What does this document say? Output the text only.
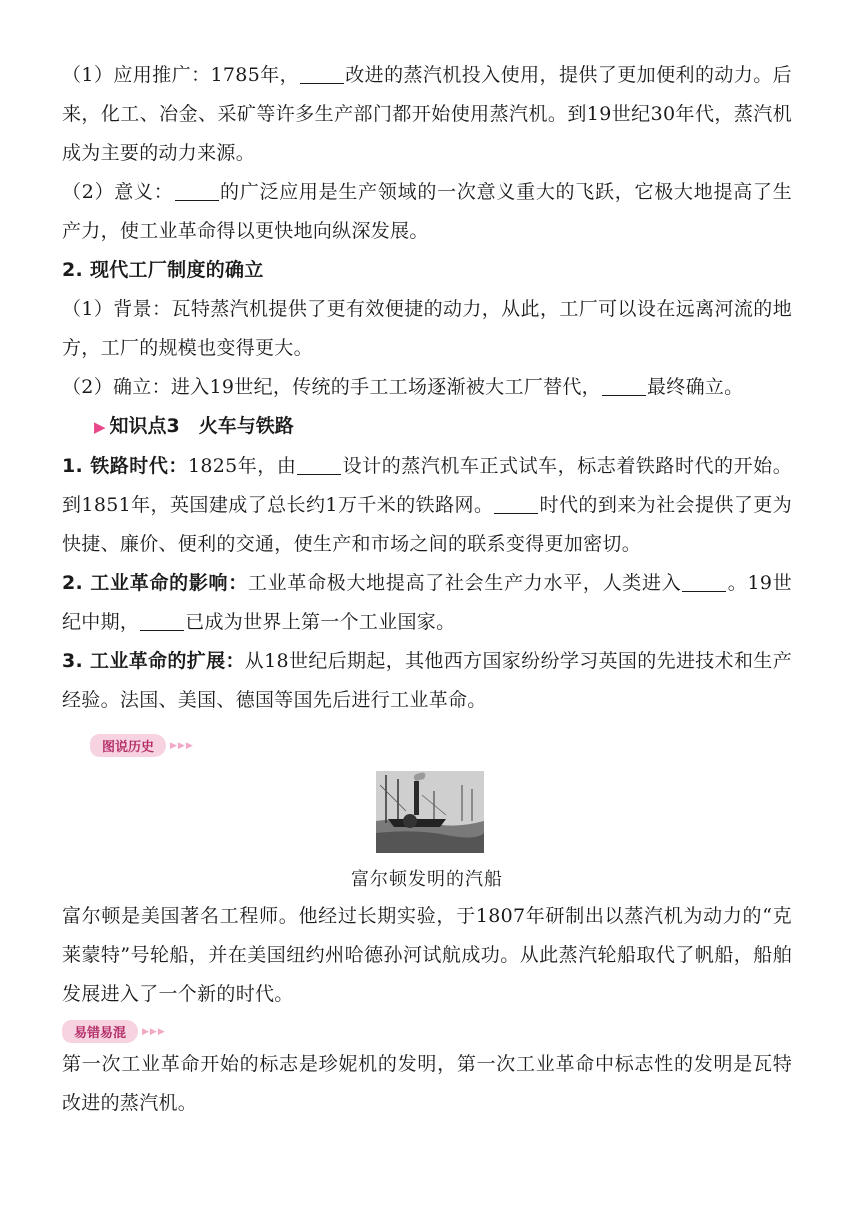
（1）应用推广：1785年， 改进的蒸汽机投入使用，提供了更加便利的动力。后来，化工、冶金、采矿等许多生产部门都开始使用蒸汽机。到19世纪30年代，蒸汽机成为主要的动力来源。

（2）意义： 的广泛应用是生产领域的一次意义重大的飞跃，它极大地提高了生产力，使工业革命得以更快地向纵深发展。

2. 现代工厂制度的确立

（1）背景：瓦特蒸汽机提供了更有效便捷的动力，从此，工厂可以设在远离河流的地方，工厂的规模也变得更大。

（2）确立：进入19世纪，传统的手工工场逐渐被大工厂替代， 最终确立。

▶ 知识点3　 火车与铁路

1. 铁路时代：1825年，由 设计的蒸汽机车正式试车，标志着铁路时代的开始。到1851年，英国建成了总长约1万千米的铁路网。 时代的到来为社会提供了更为快捷、廉价、便利的交通，使生产和市场之间的联系变得更加密切。

2. 工业革命的影响：工业革命极大地提高了社会生产力水平，人类进入 。19世纪中期， 已成为世界上第一个工业国家。

3. 工业革命的扩展：从18世纪后期起，其他西方国家纷纷学习英国的先进技术和生产经验。法国、美国、德国等国先后进行工业革命。

图说历史	▶▶▶

富尔顿发明的汽船

富尔顿是美国著名工程师。他经过长期实验，于1807年研制出以蒸汽机为动力的“克莱蒙特”号轮船，并在美国纽约州哈德孙河试航成功。从此蒸汽轮船取代了帆船，船舶发展进入了一个新的时代。

易错易混	▶▶▶

第一次工业革命开始的标志是珍妮机的发明，第一次工业革命中标志性的发明是瓦特改进的蒸汽机。
